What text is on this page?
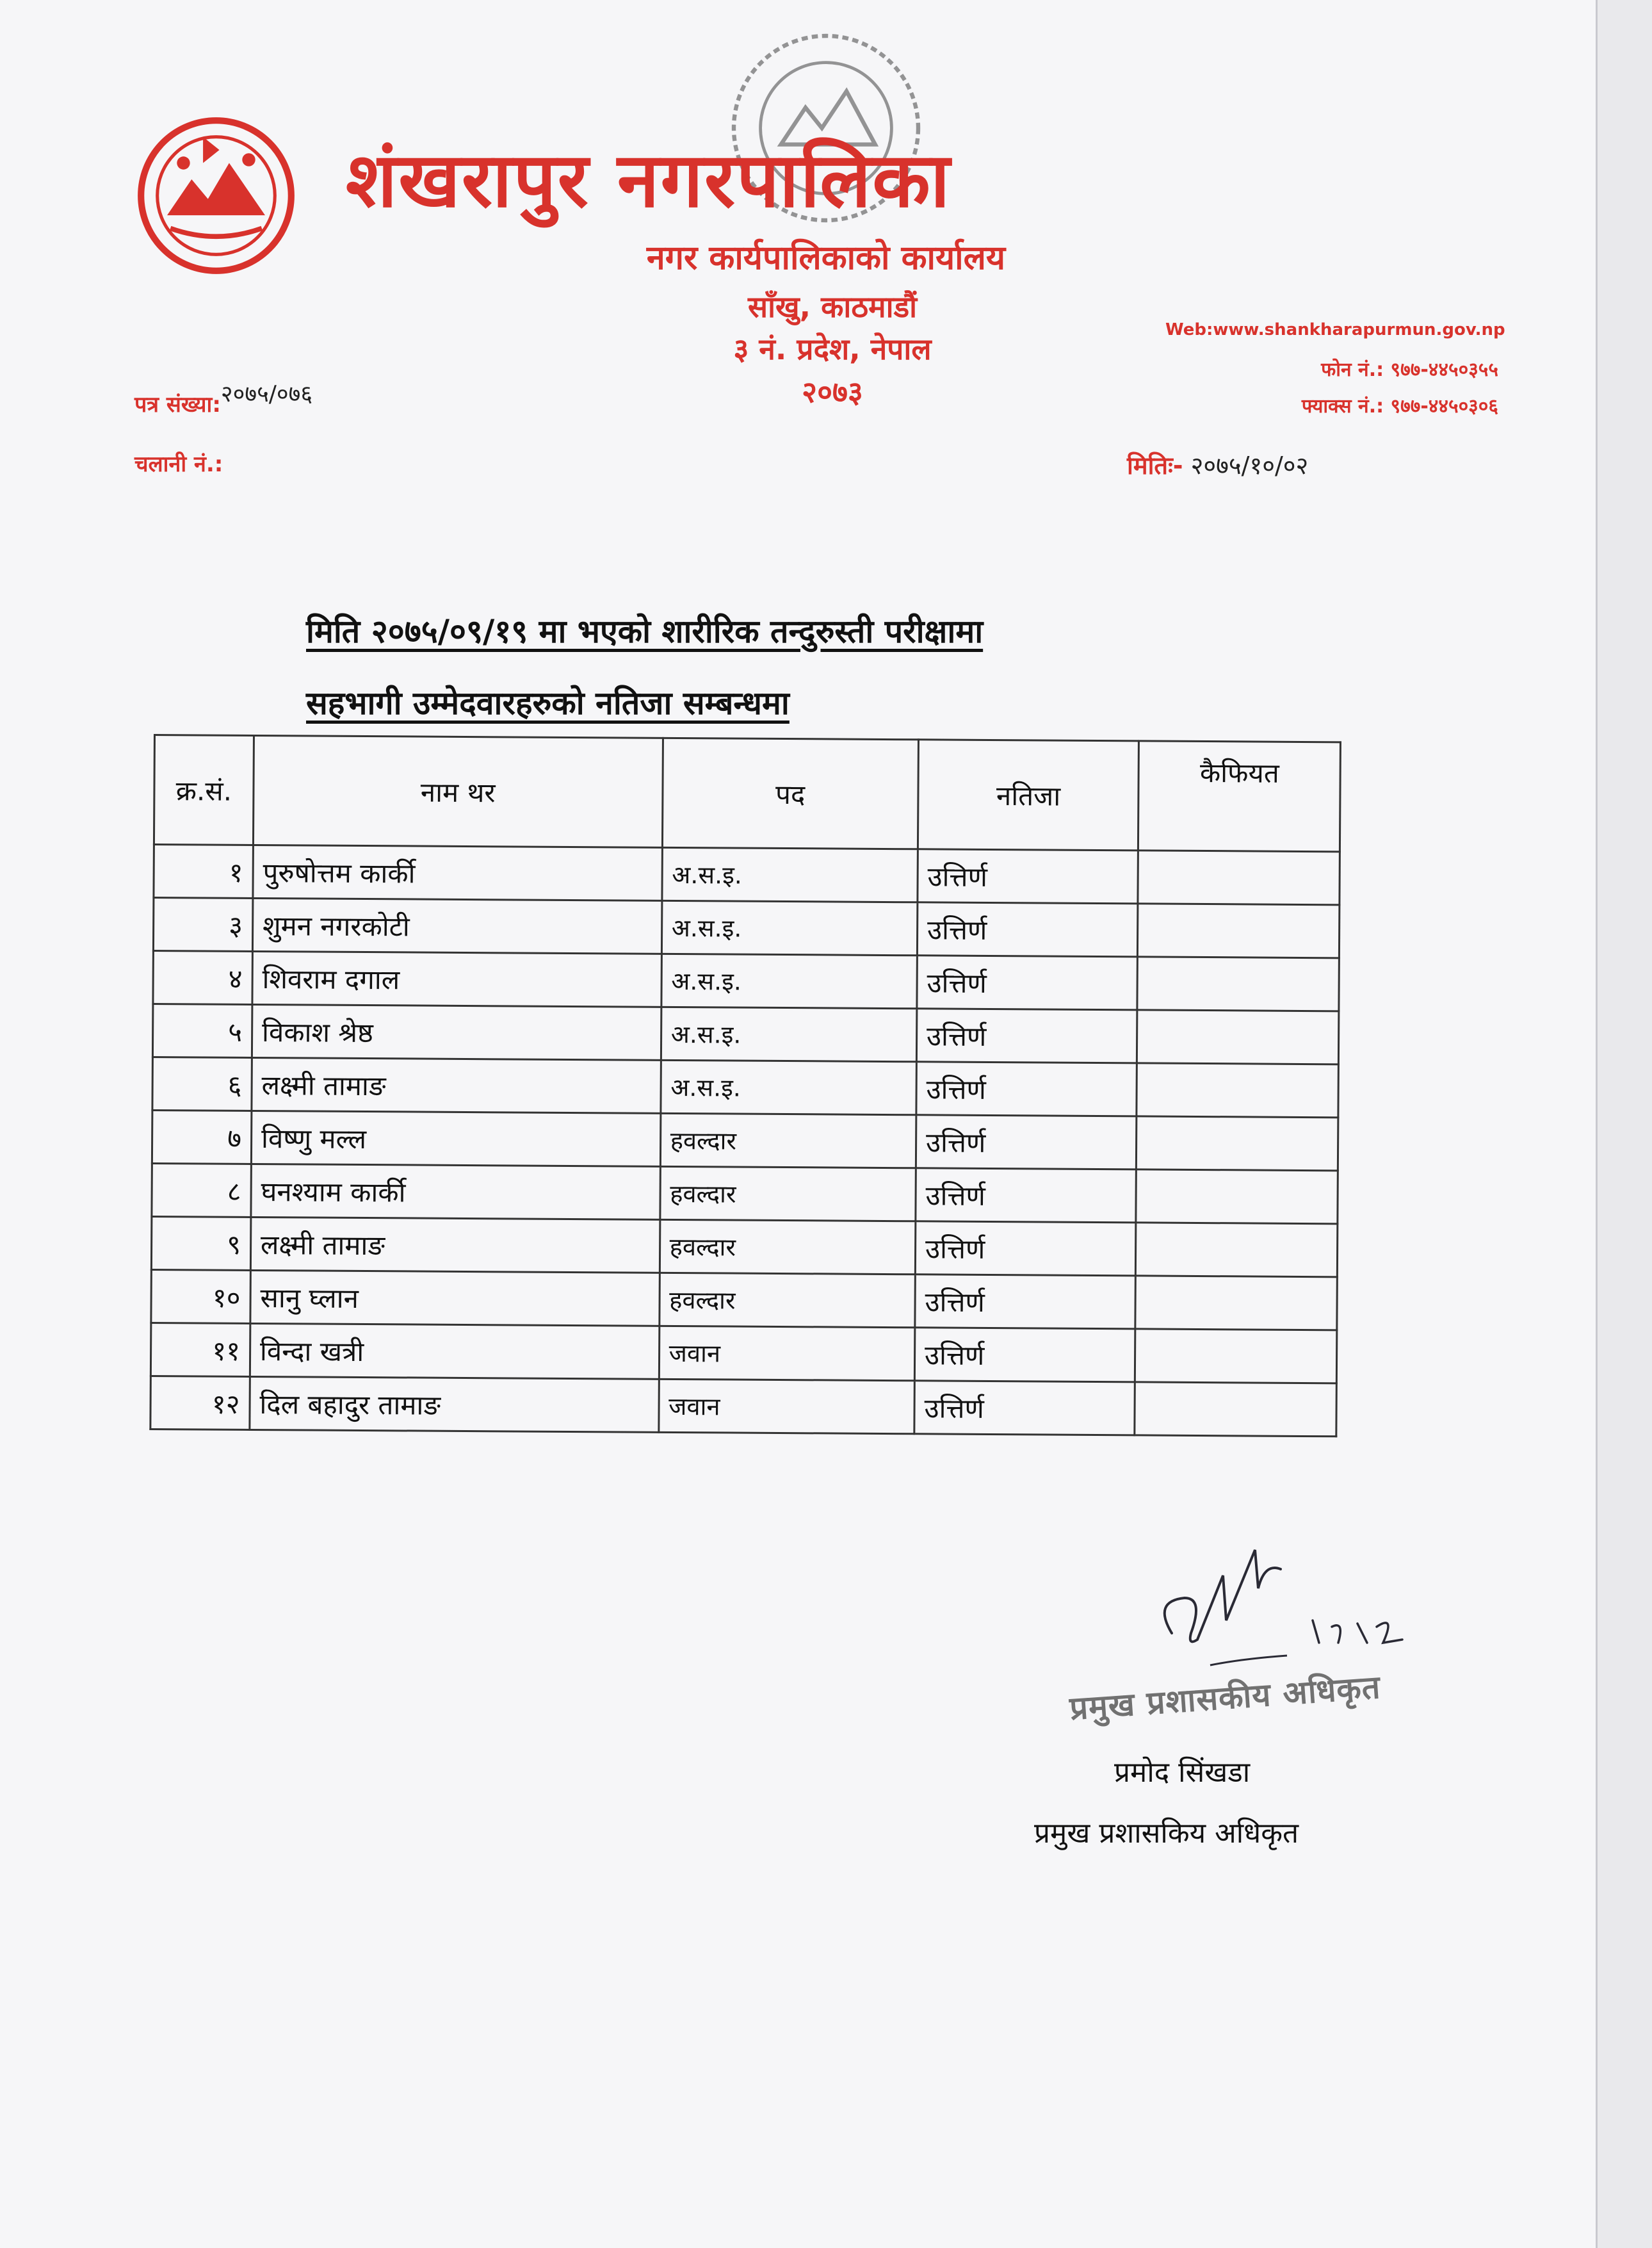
शंखरापुर नगरपालिका
नगर कार्यपालिकाको कार्यालय
साँखु, काठमाडौं
३ नं. प्रदेश, नेपाल
२०७३
Web:www.shankharapurmun.gov.np
फोन नं.: ९७७-४४५०३५५
फ्याक्स नं.: ९७७-४४५०३०६
पत्र संख्या:२०७५/०७६
चलानी नं.:	मितिः- २०७५/१०/०२
मिति २०७५/०९/१९ मा भएको शारीरिक तन्दुरुस्ती परीक्षामा
सहभागी उम्मेदवारहरुको नतिजा सम्बन्धमा
क्र.सं.	नाम थर	पद	नतिजा	कैफियत
१	पुरुषोत्तम कार्की	अ.स.इ.	उत्तिर्ण	
३	शुमन नगरकोटी	अ.स.इ.	उत्तिर्ण	
४	शिवराम दगाल	अ.स.इ.	उत्तिर्ण	
५	विकाश श्रेष्ठ	अ.स.इ.	उत्तिर्ण	
६	लक्ष्मी तामाङ	अ.स.इ.	उत्तिर्ण	
७	विष्णु मल्ल	हवल्दार	उत्तिर्ण	
८	घनश्याम कार्की	हवल्दार	उत्तिर्ण	
९	लक्ष्मी तामाङ	हवल्दार	उत्तिर्ण	
१०	सानु घ्लान	हवल्दार	उत्तिर्ण	
११	विन्दा खत्री	जवान	उत्तिर्ण	
१२	दिल बहादुर तामाङ	जवान	उत्तिर्ण	
प्रमुख प्रशासकीय अधिकृत
प्रमोद सिंखडा
प्रमुख प्रशासकिय अधिकृत
